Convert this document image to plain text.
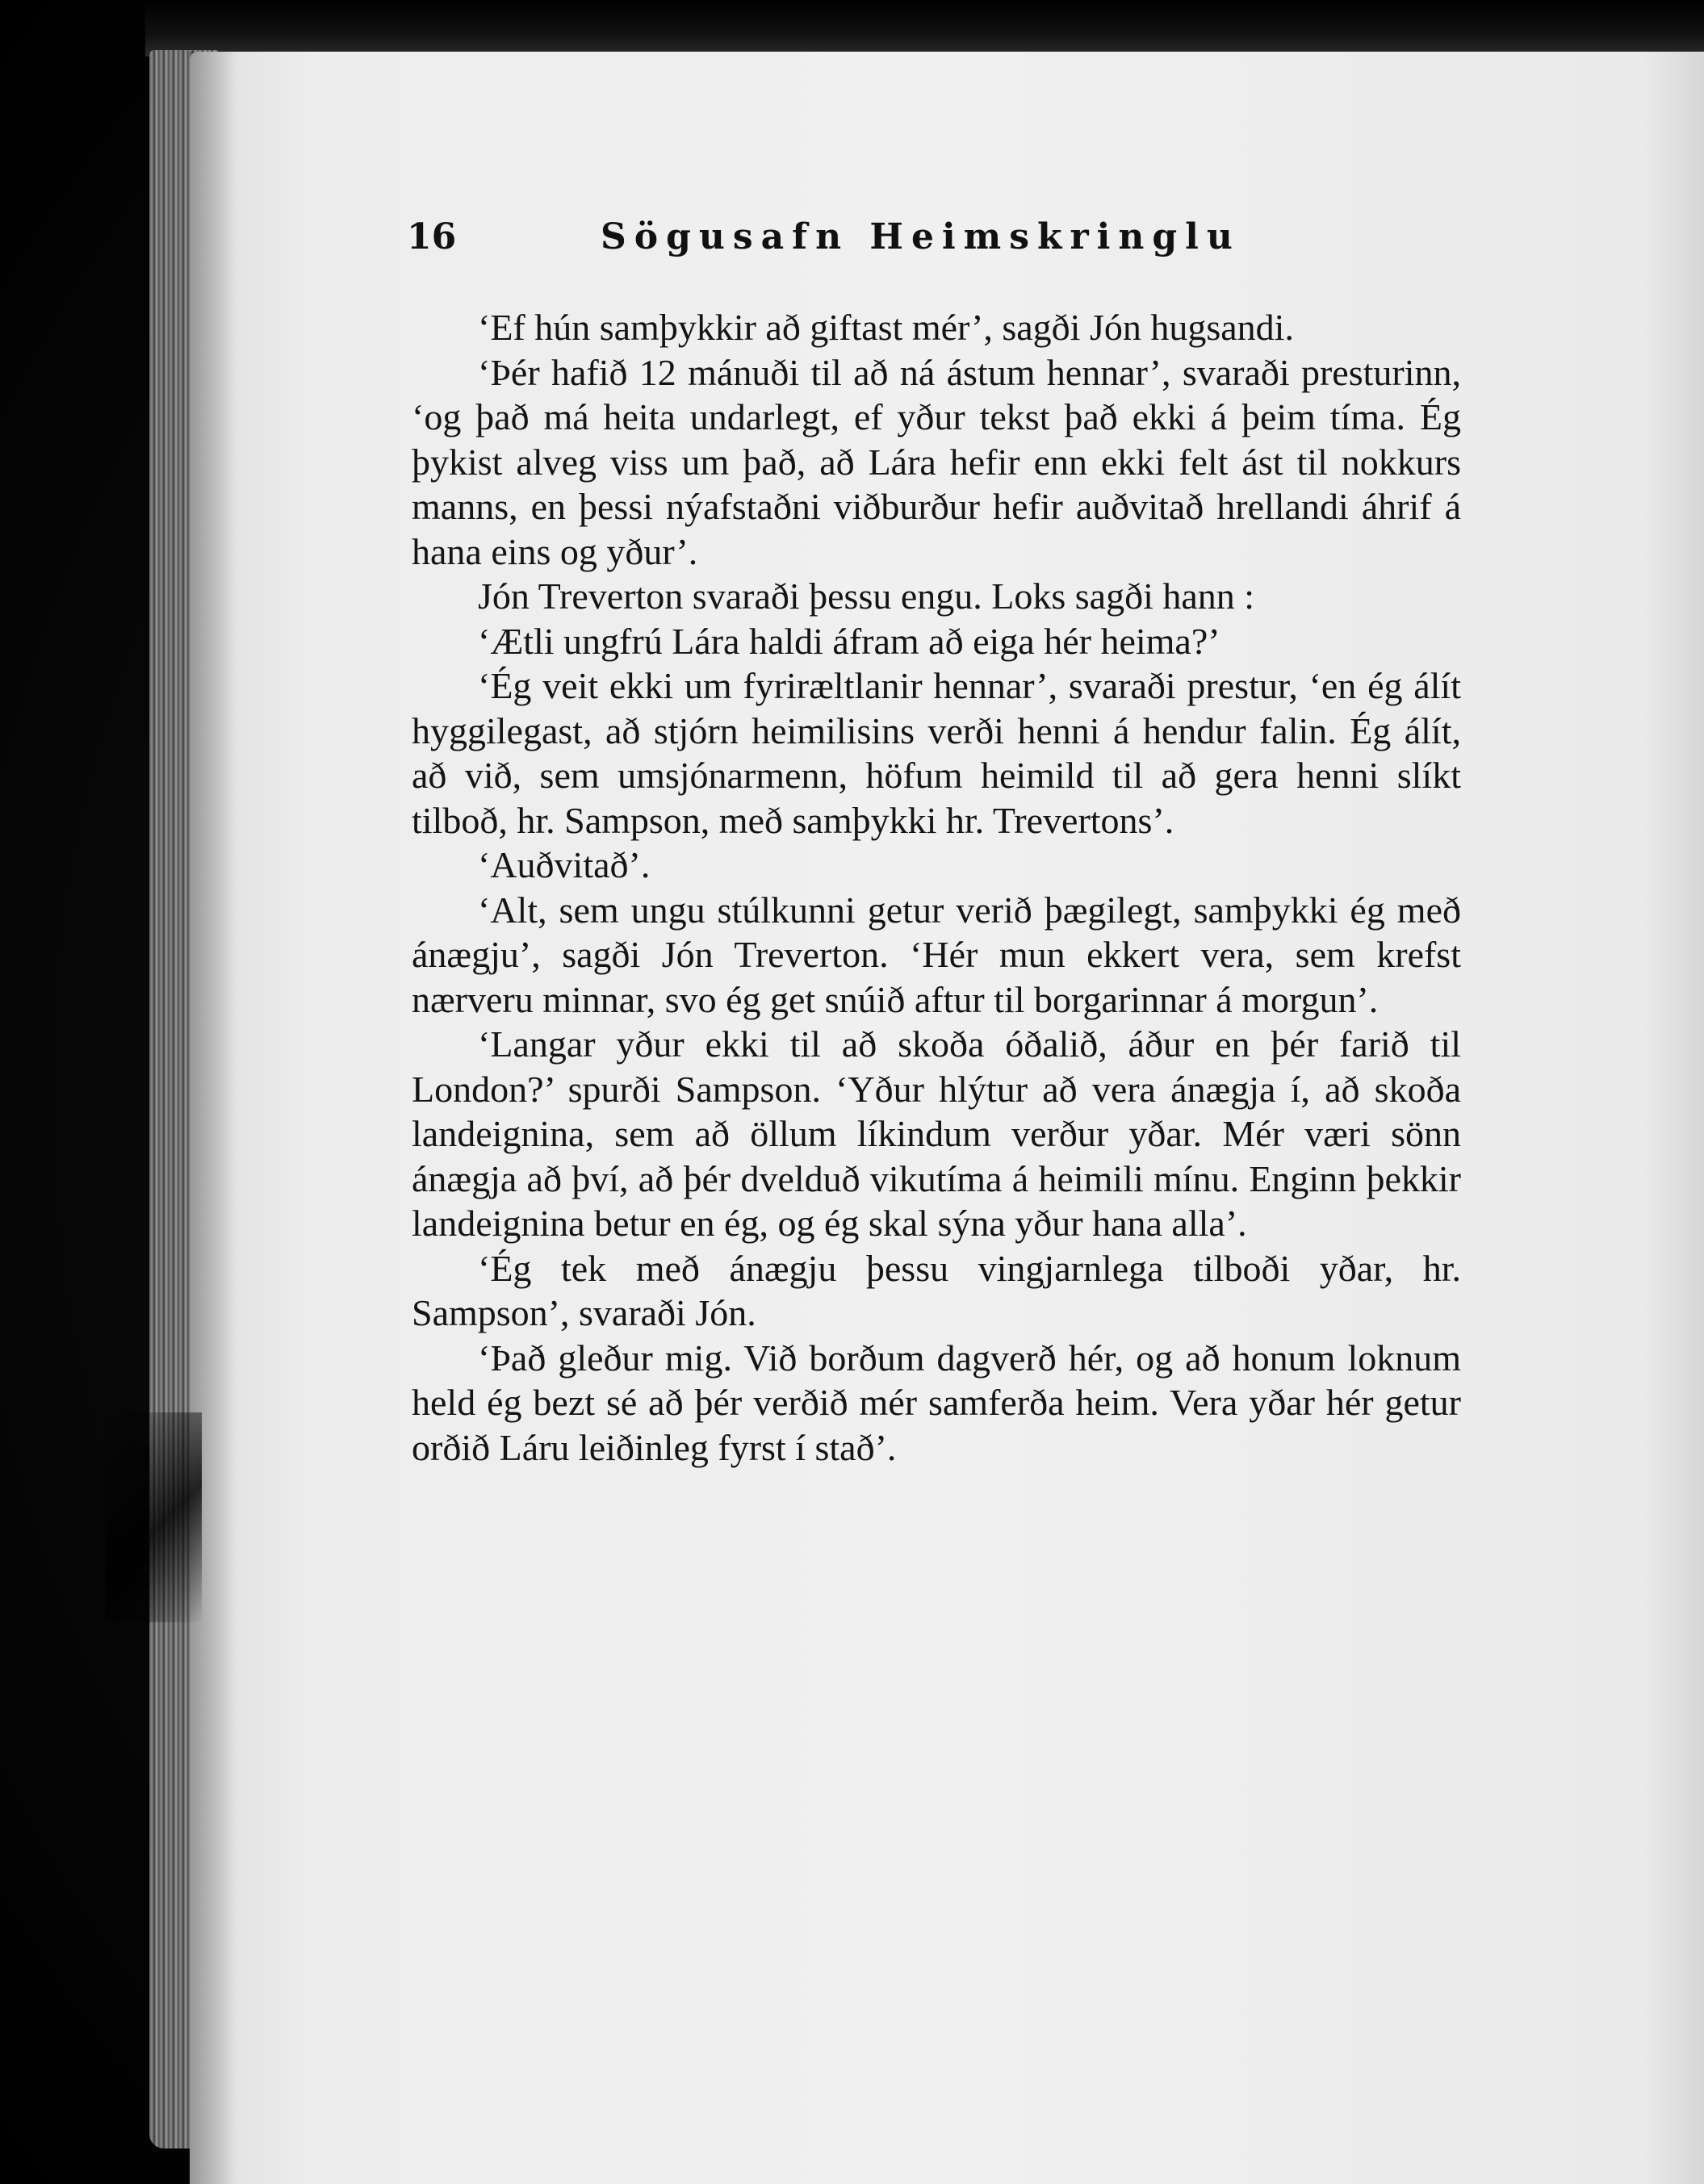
16	Sögusafn Heimskringlu

‘Ef hún samþykkir að giftast mér’, sagði Jón hugsandi.

‘Þér hafið 12 mánuði til að ná ástum hennar’, svaraði presturinn, ‘og það má heita undarlegt, ef yður tekst það ekki á þeim tíma. Ég þykist alveg viss um það, að Lára hefir enn ekki felt ást til nokkurs manns, en þessi nýafstaðni viðburður hefir auðvitað hrellandi áhrif á hana eins og yður’.

Jón Treverton svaraði þessu engu. Loks sagði hann :

‘Ætli ungfrú Lára haldi áfram að eiga hér heima?’

‘Ég veit ekki um fyriræltlanir hennar’, svaraði prestur, ‘en ég álít hyggilegast, að stjórn heimilisins verði henni á hendur falin. Ég álít, að við, sem umsjónarmenn, höfum heimild til að gera henni slíkt tilboð, hr. Sampson, með samþykki hr. Trevertons’.

‘Auðvitað’.

‘Alt, sem ungu stúlkunni getur verið þægilegt, samþykki ég með ánægju’, sagði Jón Treverton. ‘Hér mun ekkert vera, sem krefst nærveru minnar, svo ég get snúið aftur til borgarinnar á morgun’.

‘Langar yður ekki til að skoða óðalið, áður en þér farið til London?’ spurði Sampson. ‘Yður hlýtur að vera ánægja í, að skoða landeignina, sem að öllum líkindum verður yðar. Mér væri sönn ánægja að því, að þér dvelduð vikutíma á heimili mínu. Enginn þekkir landeignina betur en ég, og ég skal sýna yður hana alla’.

‘Ég tek með ánægju þessu vingjarnlega tilboði yðar, hr. Sampson’, svaraði Jón.

‘Það gleður mig. Við borðum dagverð hér, og að honum loknum held ég bezt sé að þér verðið mér samferða heim. Vera yðar hér getur orðið Láru leiðinleg fyrst í stað’.
